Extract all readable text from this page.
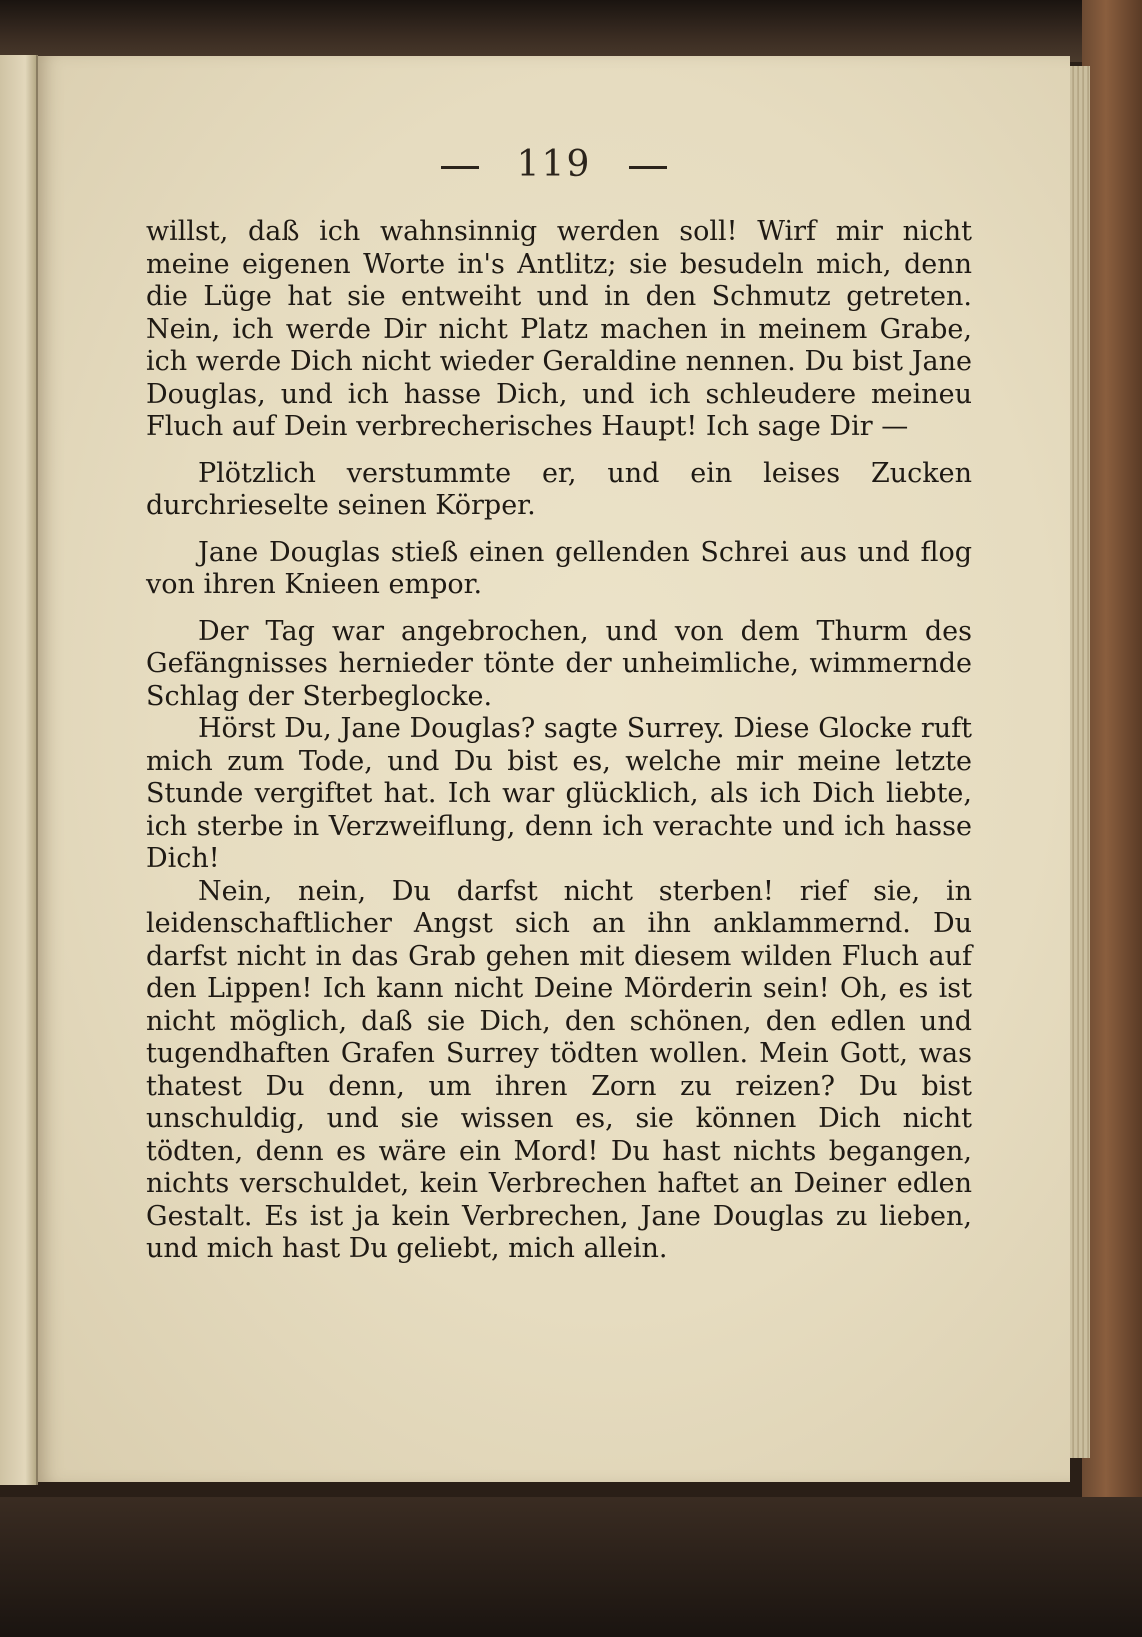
119

willst, daß ich wahnsinnig werden soll! Wirf mir nicht meine eigenen Worte in's Antlitz; sie besudeln mich, denn die Lüge hat sie entweiht und in den Schmutz getreten. Nein, ich werde Dir nicht Platz machen in meinem Grabe, ich werde Dich nicht wieder Geraldine nennen. Du bist Jane Douglas, und ich hasse Dich, und ich schleudere meineu Fluch auf Dein verbrecherisches Haupt! Ich sage Dir —

Plötzlich verstummte er, und ein leises Zucken durchrieselte seinen Körper.

Jane Douglas stieß einen gellenden Schrei aus und flog von ihren Knieen empor.

Der Tag war angebrochen, und von dem Thurm des Gefängnisses hernieder tönte der unheimliche, wimmernde Schlag der Sterbeglocke.

Hörst Du, Jane Douglas? sagte Surrey. Diese Glocke ruft mich zum Tode, und Du bist es, welche mir meine letzte Stunde vergiftet hat. Ich war glücklich, als ich Dich liebte, ich sterbe in Verzweiflung, denn ich verachte und ich hasse Dich!

Nein, nein, Du darfst nicht sterben! rief sie, in leidenschaftlicher Angst sich an ihn anklammernd. Du darfst nicht in das Grab gehen mit diesem wilden Fluch auf den Lippen! Ich kann nicht Deine Mörderin sein! Oh, es ist nicht möglich, daß sie Dich, den schönen, den edlen und tugendhaften Grafen Surrey tödten wollen. Mein Gott, was thatest Du denn, um ihren Zorn zu reizen? Du bist unschuldig, und sie wissen es, sie können Dich nicht tödten, denn es wäre ein Mord! Du hast nichts begangen, nichts verschuldet, kein Verbrechen haftet an Deiner edlen Gestalt. Es ist ja kein Verbrechen, Jane Douglas zu lieben, und mich hast Du geliebt, mich allein.
